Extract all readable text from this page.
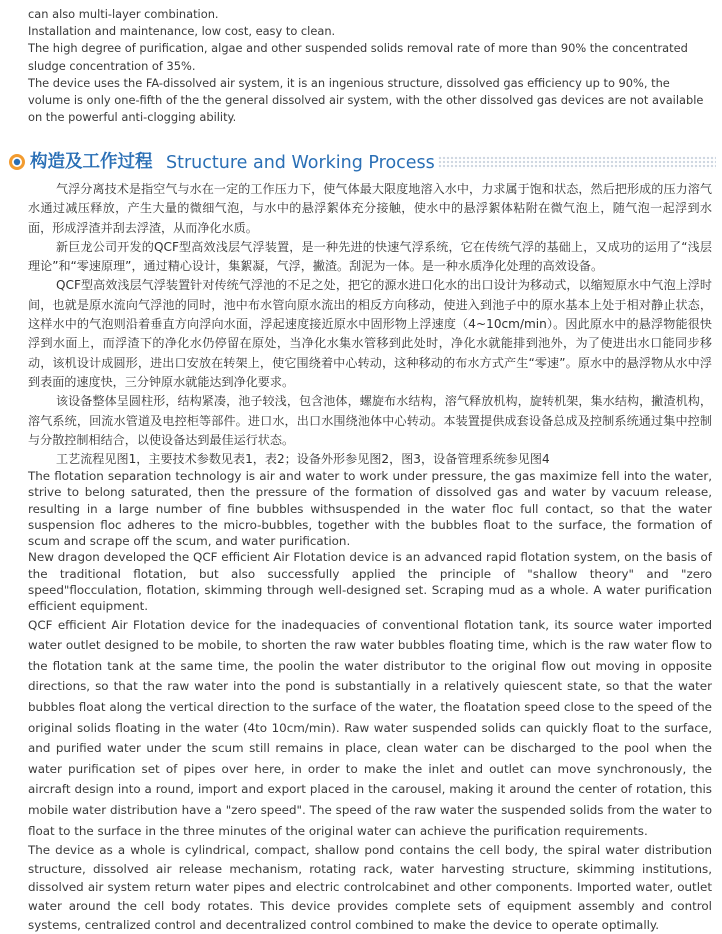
can also multi-layer combination.

Installation and maintenance, low cost, easy to clean.

The high degree of purification, algae and other suspended solids removal rate of more than 90% the concentrated sludge concentration of 35%.

The device uses the FA-dissolved air system, it is an ingenious structure, dissolved gas efficiency up to 90%, the volume is only one-fifth of the the general dissolved air system, with the other dissolved gas devices are not available on the powerful anti-clogging ability.

构造及工作过程 Structure and Working Process

气浮分离技术是指空气与水在一定的工作压力下，使气体最大限度地溶入水中，力求属于饱和状态，然后把形成的压力溶气水通过减压释放，产生大量的微细气泡，与水中的悬浮絮体充分接触，使水中的悬浮絮体粘附在微气泡上，随气泡一起浮到水面，形成浮渣并刮去浮渣，从而净化水质。

新巨龙公司开发的QCF型高效浅层气浮装置，是一种先进的快速气浮系统，它在传统气浮的基础上，又成功的运用了“浅层理论”和“零速原理”，通过精心设计，集絮凝，气浮，撇渣。刮泥为一体。是一种水质净化处理的高效设备。

QCF型高效浅层气浮装置针对传统气浮池的不足之处，把它的源水进口化水的出口设计为移动式，以缩短原水中气泡上浮时间，也就是原水流向气浮池的同时，池中布水管向原水流出的相反方向移动，使进入到池子中的原水基本上处于相对静止状态，这样水中的气泡则沿着垂直方向浮向水面，浮起速度接近原水中固形物上浮速度（4~10cm/min）。因此原水中的悬浮物能很快浮到水面上，而浮渣下的净化水仍停留在原处，当净化水集水管移到此处时，净化水就能排到池外，为了使进出水口能同步移动，该机设计成圆形，进出口安放在转架上，使它围绕着中心转动，这种移动的布水方式产生“零速”。原水中的悬浮物从水中浮到表面的速度快，三分钟原水就能达到净化要求。

该设备整体呈圆柱形，结构紧凑，池子较浅，包含池体，螺旋布水结构，溶气释放机构，旋转机架，集水结构，撇渣机构，溶气系统，回流水管道及电控柜等部件。进口水，出口水围绕池体中心转动。本装置提供成套设备总成及控制系统通过集中控制与分散控制相结合，以使设备达到最佳运行状态。

工艺流程见图1，主要技术参数见表1，表2；设备外形参见图2，图3，设备管理系统参见图4

The flotation separation technology is air and water to work under pressure, the gas maximize fell into the water, strive to belong saturated, then the pressure of the formation of dissolved gas and water by vacuum release, resulting in a large number of fine bubbles withsuspended in the water floc full contact, so that the water suspension floc adheres to the micro-bubbles, together with the bubbles float to the surface, the formation of scum and scrape off the scum, and water purification.

New dragon developed the QCF efficient Air Flotation device is an advanced rapid flotation system, on the basis of the traditional flotation, but also successfully applied the principle of "shallow theory" and "zero speed"flocculation, flotation, skimming through well-designed set. Scraping mud as a whole. A water purification efficient equipment.

QCF efficient Air Flotation device for the inadequacies of conventional flotation tank, its source water imported water outlet designed to be mobile, to shorten the raw water bubbles floating time, which is the raw water flow to the flotation tank at the same time, the poolin the water distributor to the original flow out moving in opposite directions, so that the raw water into the pond is substantially in a relatively quiescent state, so that the water bubbles float along the vertical direction to the surface of the water, the floatation speed close to the speed of the original solids floating in the water (4to 10cm/min). Raw water suspended solids can quickly float to the surface, and purified water under the scum still remains in place, clean water can be discharged to the pool when the water purification set of pipes over here, in order to make the inlet and outlet can move synchronously, the aircraft design into a round, import and export placed in the carousel, making it around the center of rotation, this mobile water distribution have a "zero speed". The speed of the raw water the suspended solids from the water to float to the surface in the three minutes of the original water can achieve the purification requirements.

The device as a whole is cylindrical, compact, shallow pond contains the cell body, the spiral water distribution structure, dissolved air release mechanism, rotating rack, water harvesting structure, skimming institutions, dissolved air system return water pipes and electric controlcabinet and other components. Imported water, outlet water around the cell body rotates. This device provides complete sets of equipment assembly and control systems, centralized control and decentralized control combined to make the device to operate optimally.
